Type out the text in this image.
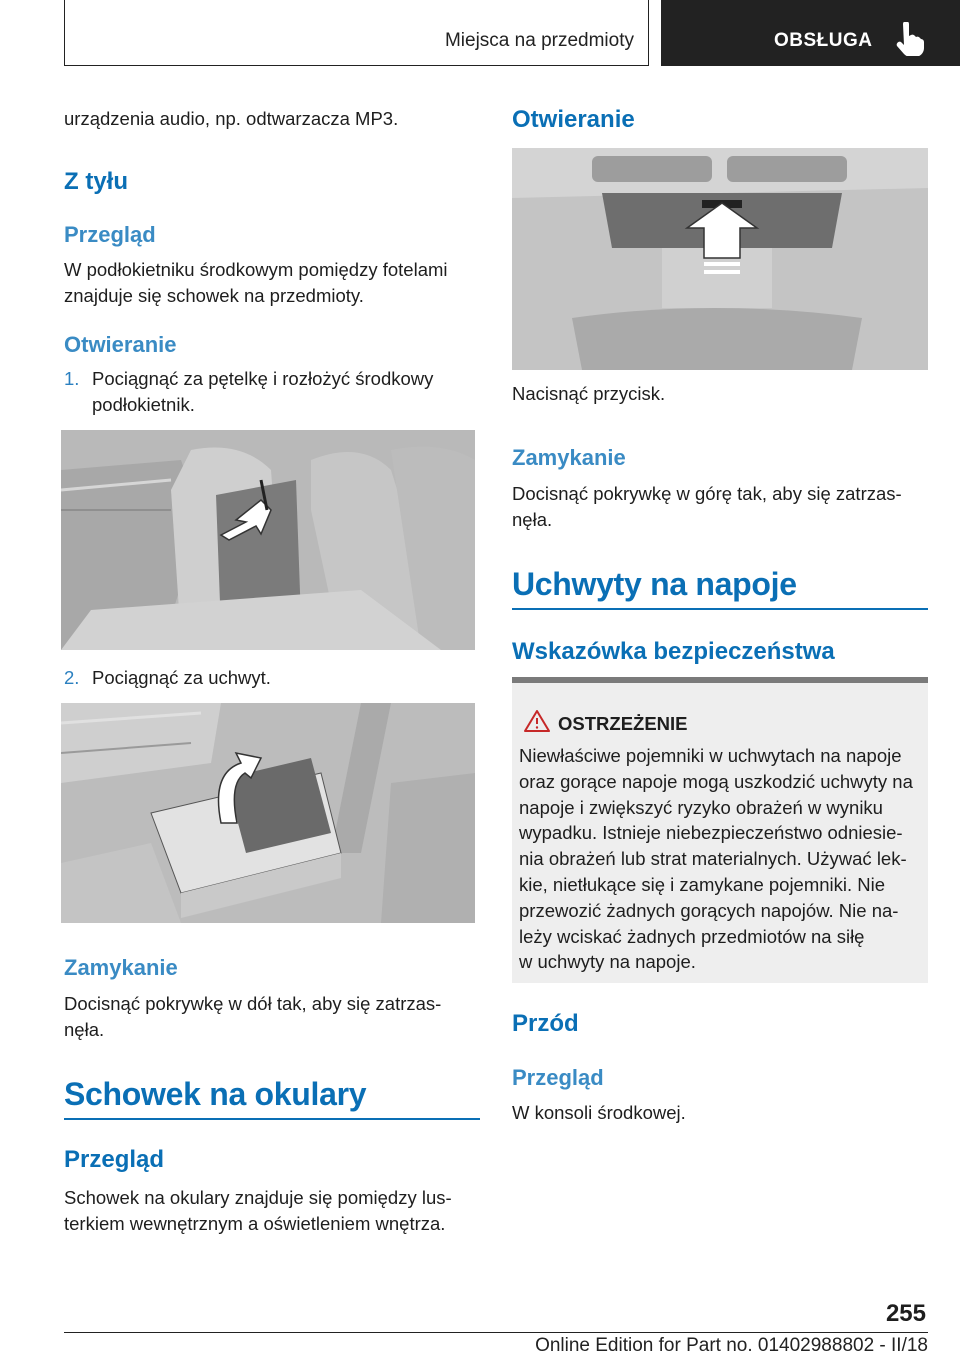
Miejsca na przedmioty	OBSŁUGA

urządzenia audio, np. odtwarzacza MP3.

Z tyłu
Przegląd

W podłokietniku środkowym pomiędzy fotelami

znajduje się schowek na przedmioty.

Otwieranie
1. Pociągnąć za pętelkę i rozłożyć środkowy
podłokietnik.
2. Pociągnąć za uchwyt.
Zamykanie

Docisnąć pokrywkę w dół tak, aby się zatrzas‐

nęła.

Schowek na okulary
Przegląd

Schowek na okulary znajduje się pomiędzy lus‐

terkiem wewnętrznym a oświetleniem wnętrza.

Otwieranie

Nacisnąć przycisk.

Zamykanie

Docisnąć pokrywkę w górę tak, aby się zatrzas‐

nęła.

Uchwyty na napoje
Wskazówka bezpieczeństwa
OSTRZEŻENIE
Niewłaściwe pojemniki w uchwytach na napoje
oraz gorące napoje mogą uszkodzić uchwyty na
napoje i zwiększyć ryzyko obrażeń w wyniku
wypadku. Istnieje niebezpieczeństwo odniesie‐
nia obrażeń lub strat materialnych. Używać lek‐
kie, nietłukące się i zamykane pojemniki. Nie
przewozić żadnych gorących napojów. Nie na‐
leży wciskać żadnych przedmiotów na siłę
w uchwyty na napoje.
Przód
Przegląd

W konsoli środkowej.

255
Online Edition for Part no. 01402988802 - II/18
